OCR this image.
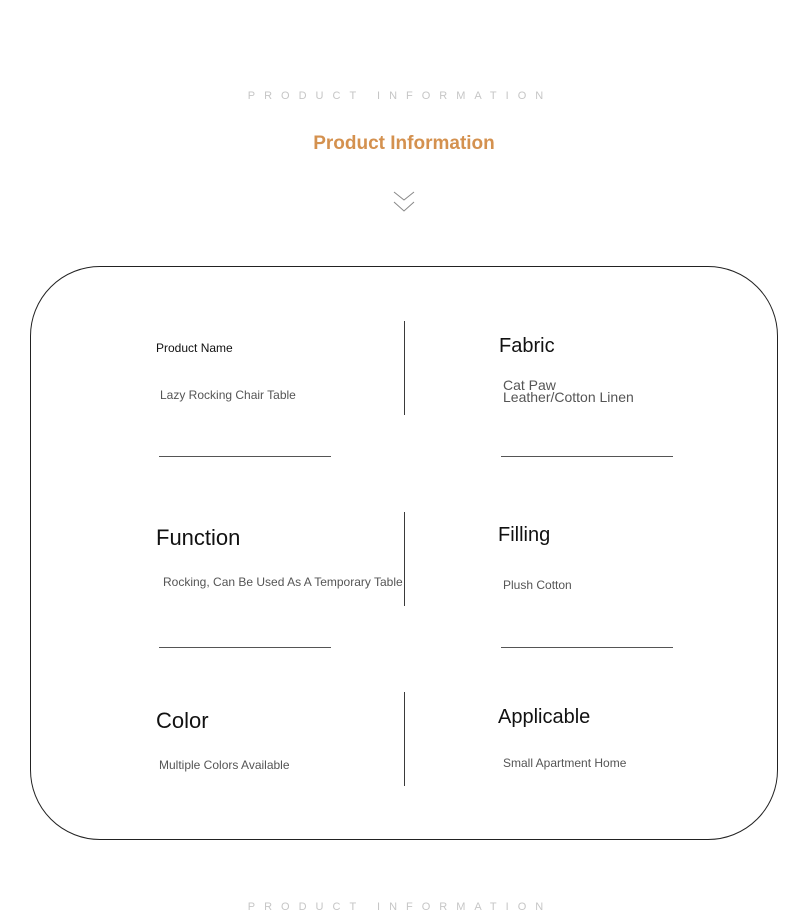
PRODUCT INFORMATION
Product Information
Product Name
Lazy Rocking Chair Table
Fabric
Cat Paw
Leather/Cotton Linen
Function
Rocking, Can Be Used As A Temporary Table
Filling
Plush Cotton
Color
Multiple Colors Available
Applicable
Small Apartment Home
PRODUCT INFORMATION
